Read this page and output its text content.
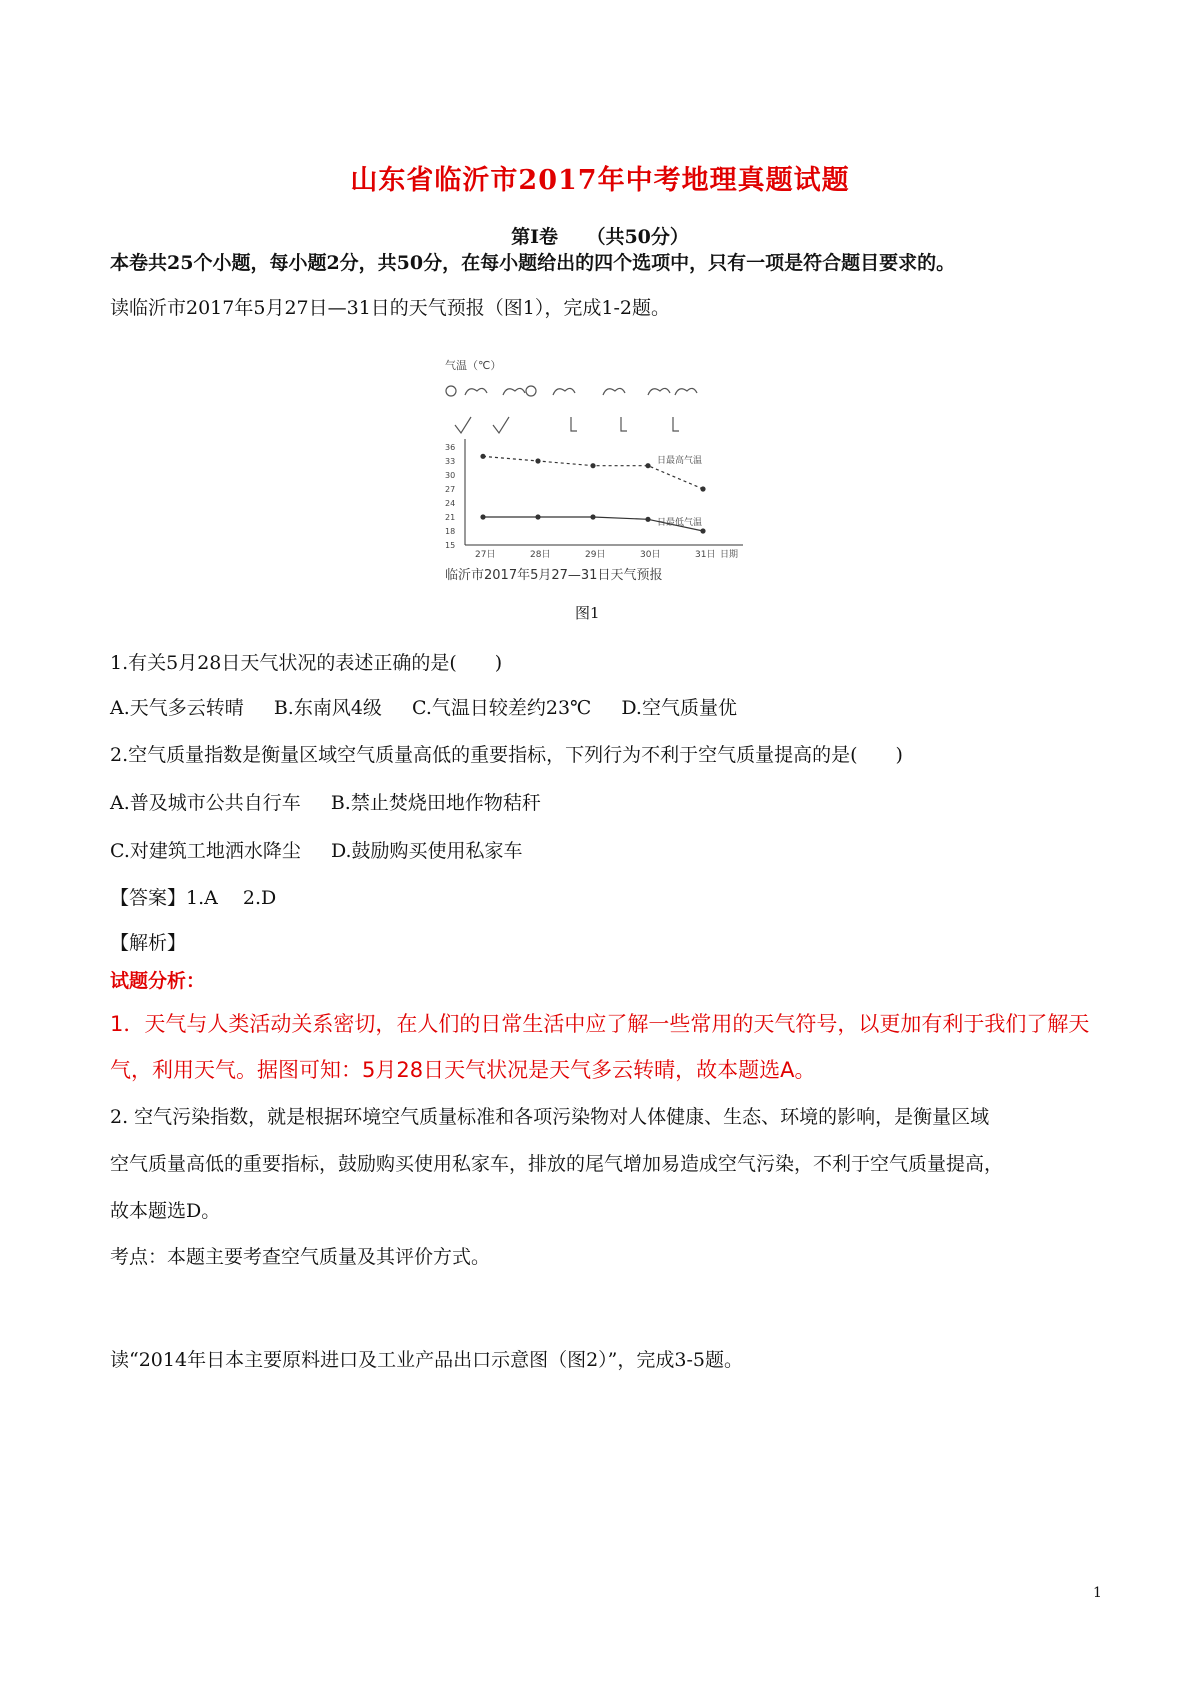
山东省临沂市2017年中考地理真题试题
第Ⅰ卷　　（共50分）
本卷共25个小题，每小题2分，共50分，在每小题给出的四个选项中，只有一项是符合题目要求的。
读临沂市2017年5月27日—31日的天气预报（图1），完成1-2题。
气温（℃）
36
33
30
27
24
21
18
15
27日	28日	29日	30日	31日 日期
日最高气温
日最低气温
临沂市2017年5月27—31日天气预报
图1
1.有关5月28日天气状况的表述正确的是(　　)
A.天气多云转晴 B.东南风4级 C.气温日较差约23℃ D.空气质量优
2.空气质量指数是衡量区域空气质量高低的重要指标，下列行为不利于空气质量提高的是(　　)
A.普及城市公共自行车 B.禁止焚烧田地作物秸秆
C.对建筑工地洒水降尘 D.鼓励购买使用私家车
【答案】1.A　 2.D
【解析】
试题分析：
1．天气与人类活动关系密切，在人们的日常生活中应了解一些常用的天气符号，以更加有利于我们了解天
气，利用天气。据图可知：5月28日天气状况是天气多云转晴，故本题选A。
2. 空气污染指数，就是根据环境空气质量标准和各项污染物对人体健康、生态、环境的影响，是衡量区域
空气质量高低的重要指标，鼓励购买使用私家车，排放的尾气增加易造成空气污染，不利于空气质量提高，
故本题选D。
考点：本题主要考查空气质量及其评价方式。
读“2014年日本主要原料进口及工业产品出口示意图（图2）”，完成3-5题。
1
